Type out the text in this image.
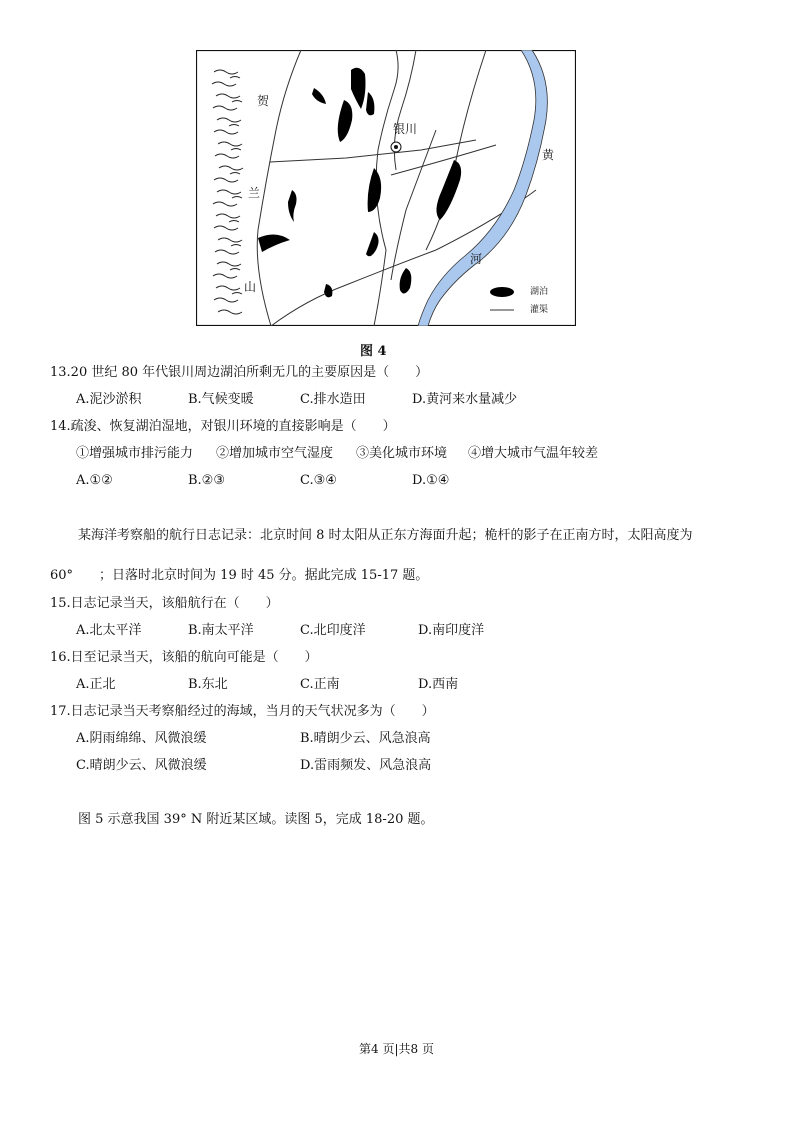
贺
兰
山
银川
黄
河
湖泊
灌渠
图 4
13.20 世纪 80 年代银川周边湖泊所剩无几的主要原因是（　　）
A.泥沙淤积	B.气候变暖	C.排水造田	D.黄河来水量减少
14.疏浚、恢复湖泊湿地，对银川环境的直接影响是（　　）
①增强城市排污能力 ②增加城市空气湿度 ③美化城市环境 ④增大城市气温年较差
A.①②	B.②③	C.③④	D.①④
某海洋考察船的航行日志记录：北京时间 8 时太阳从正东方海面升起；桅杆的影子在正南方时，太阳高度为
60°　　；日落时北京时间为 19 时 45 分。据此完成 15-17 题。
15.日志记录当天，该船航行在（　　）
A.北太平洋	B.南太平洋	C.北印度洋	D.南印度洋
16.日至记录当天，该船的航向可能是（　　）
A.正北	B.东北	C.正南	D.西南
17.日志记录当天考察船经过的海域，当月的天气状况多为（　　）
A.阴雨绵绵、风微浪缓	B.晴朗少云、风急浪高
C.晴朗少云、风微浪缓	D.雷雨频发、风急浪高
图 5 示意我国 39° N 附近某区域。读图 5，完成 18-20 题。
第4 页|共8 页
